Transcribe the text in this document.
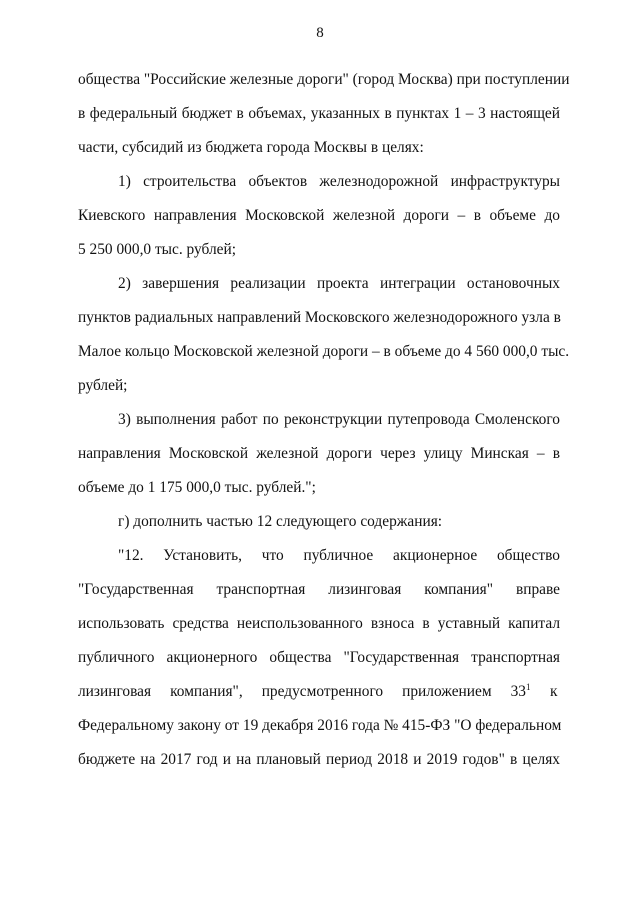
8
общества "Российские железные дороги" (город Москва) при поступлении
в федеральный бюджет в объемах, указанных в пунктах 1 – 3 настоящей
части, субсидий из бюджета города Москвы в целях:
1) строительства объектов железнодорожной инфраструктуры
Киевского направления Московской железной дороги – в объеме до
5 250 000,0 тыс. рублей;
2) завершения реализации проекта интеграции остановочных
пунктов радиальных направлений Московского железнодорожного узла в
Малое кольцо Московской железной дороги – в объеме до 4 560 000,0 тыс.
рублей;
3) выполнения работ по реконструкции путепровода Смоленского
направления Московской железной дороги через улицу Минская – в
объеме до 1 175 000,0 тыс. рублей.";
г) дополнить частью 12 следующего содержания:
"12. Установить, что публичное акционерное общество
"Государственная транспортная лизинговая компания" вправе
использовать средства неиспользованного взноса в уставный капитал
публичного акционерного общества "Государственная транспортная
лизинговая компания", предусмотренного приложением $33^1$ к
Федеральному закону от 19 декабря 2016 года № 415-ФЗ "О федеральном
бюджете на 2017 год и на плановый период 2018 и 2019 годов" в целях
